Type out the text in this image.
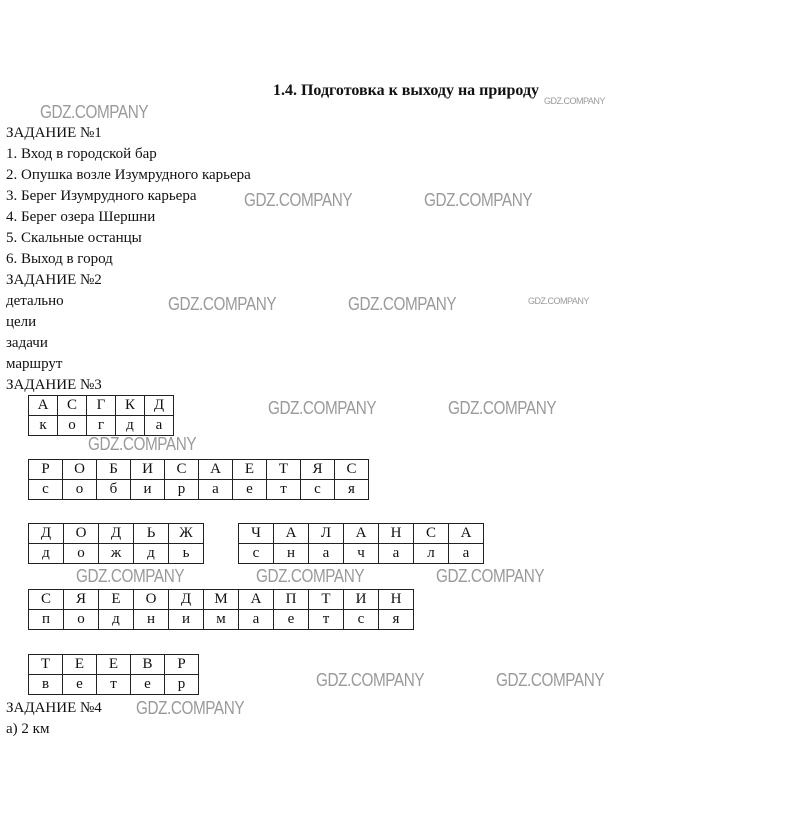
1.4. Подготовка к выходу на природу
ЗАДАНИЕ №1
1. Вход в городской бар
2. Опушка возле Изумрудного карьера
3. Берег Изумрудного карьера
4. Берег озера Шершни
5. Скальные останцы
6. Выход в город
ЗАДАНИЕ №2
детально
цели
задачи
маршрут
ЗАДАНИЕ №3
А	С	Г	К	Д
к	о	г	д	а
Р	О	Б	И	С	А	Е	Т	Я	С
с	о	б	и	р	а	е	т	с	я
Д	О	Д	Ь	Ж		Ч	А	Л	А	Н	С	А
д	о	ж	д	ь		с	н	а	ч	а	л	а
С	Я	Е	О	Д	М	А	П	Т	И	Н
п	о	д	н	и	м	а	е	т	с	я
Т	Е	Е	В	Р
в	е	т	е	р
ЗАДАНИЕ №4
а) 2 км
GDZ.COMPANY
GDZ.COMPANY
GDZ.COMPANY	GDZ.COMPANY
GDZ.COMPANY	GDZ.COMPANY	GDZ.COMPANY
GDZ.COMPANY	GDZ.COMPANY
GDZ.COMPANY
GDZ.COMPANY	GDZ.COMPANY	GDZ.COMPANY
GDZ.COMPANY	GDZ.COMPANY
GDZ.COMPANY
